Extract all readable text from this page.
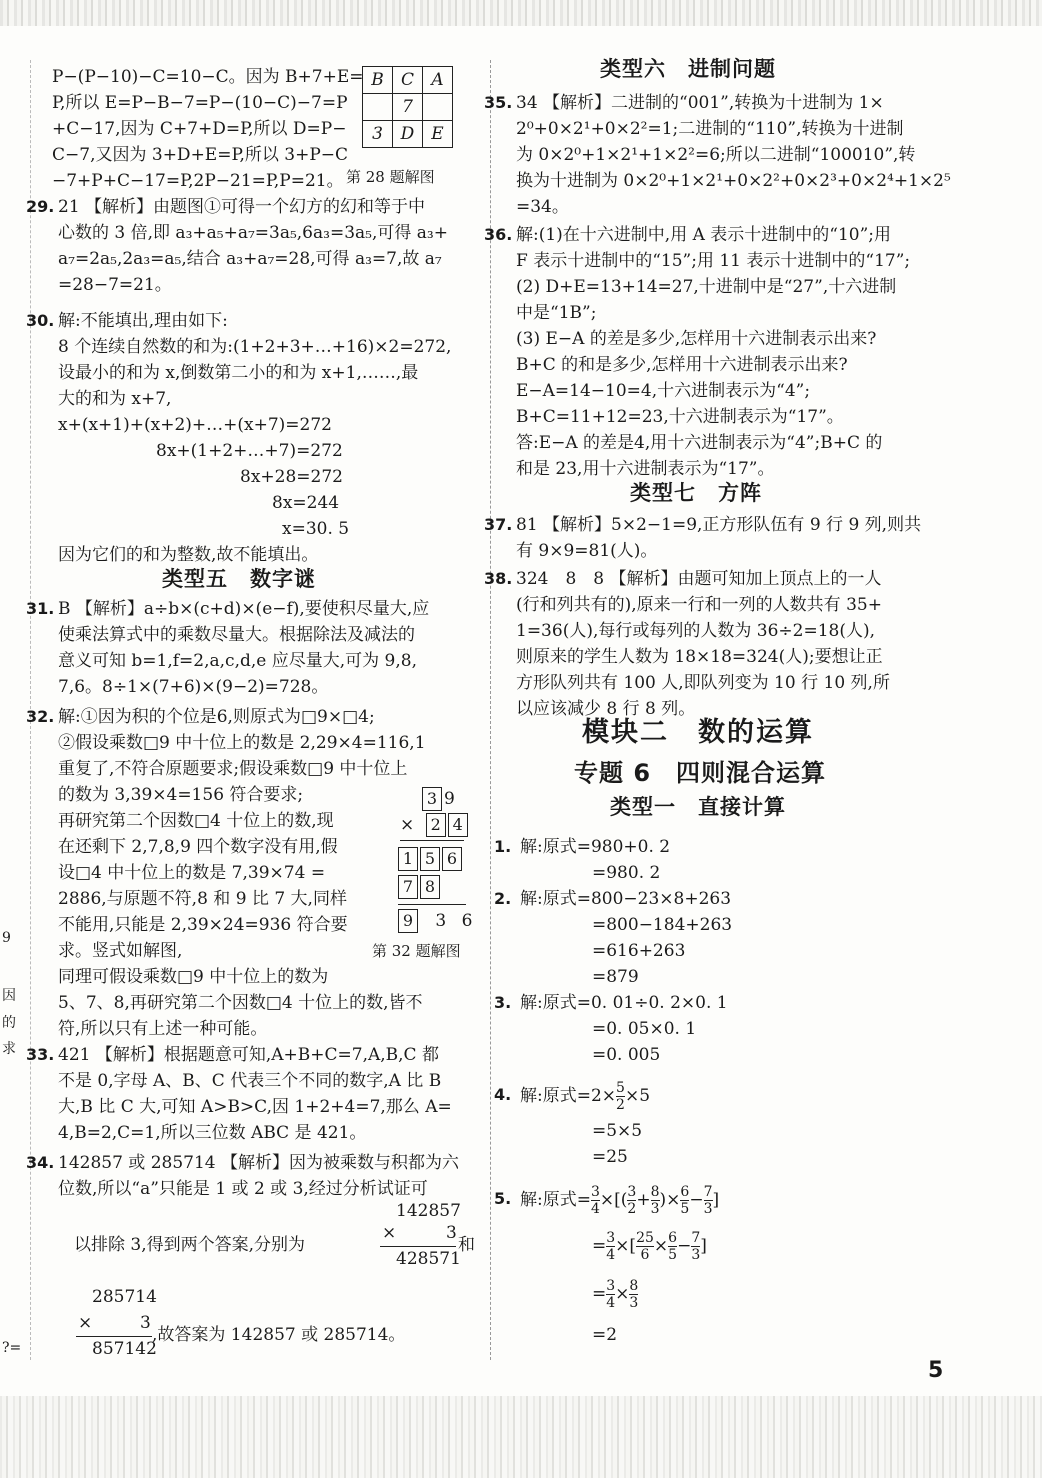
9
因
的
求
?=
P−(P−10)−C=10−C。因为 B+7+E=
P,所以 E=P−B−7=P−(10−C)−7=P
+C−17,因为 C+7+D=P,所以 D=P−
C−7,又因为 3+D+E=P,所以 3+P−C
−7+P+C−17=P,2P−21=P,P=21。
B	C	A
	7	
3	D	E
第 28 题解图
29. 21 【解析】由题图①可得一个幻方的幻和等于中
心数的 3 倍,即 a₃+a₅+a₇=3a₅,6a₃=3a₅,可得 a₃+
a₇=2a₅,2a₃=a₅,结合 a₃+a₇=28,可得 a₃=7,故 a₇
=28−7=21。
30. 解:不能填出,理由如下:
8 个连续自然数的和为:(1+2+3+…+16)×2=272,
设最小的和为 x,倒数第二小的和为 x+1,……,最
大的和为 x+7,
x+(x+1)+(x+2)+…+(x+7)=272
8x+(1+2+…+7)=272
8x+28=272
8x=244
x=30. 5
因为它们的和为整数,故不能填出。
类型五　数字谜
31. B 【解析】a÷b×(c+d)×(e−f),要使积尽量大,应
使乘法算式中的乘数尽量大。根据除法及减法的
意义可知 b=1,f=2,a,c,d,e 应尽量大,可为 9,8,
7,6。8÷1×(7+6)×(9−2)=728。
32. 解:①因为积的个位是6,则原式为□9×□4;
②假设乘数□9 中十位上的数是 2,29×4=116,1
重复了,不符合原题要求;假设乘数□9 中十位上
的数为 3,39×4=156 符合要求;
再研究第二个因数□4 十位上的数,现
在还剩下 2,7,8,9 四个数字没有用,假
设□4 中十位上的数是 7,39×74 =
2886,与原题不符,8 和 9 比 7 大,同样
不能用,只能是 2,39×24=936 符合要
求。竖式如解图,
同理可假设乘数□9 中十位上的数为
5、7、8,再研究第二个因数□4 十位上的数,皆不
符,所以只有上述一种可能。
3 9
× 2 4
1 5 6
7 8
9 3 6
第 32 题解图
33. 421 【解析】根据题意可知,A+B+C=7,A,B,C 都
不是 0,字母 A、B、C 代表三个不同的数字,A 比 B
大,B 比 C 大,可知 A>B>C,因 1+2+4=7,那么 A=
4,B=2,C=1,所以三位数 ABC 是 421。
34. 142857 或 285714 【解析】因为被乘数与积都为六
位数,所以“a”只能是 1 或 2 或 3,经过分析试证可
142857
×	3
428571
以排除 3,得到两个答案,分别为	和
285714
×	3
857142
,故答案为 142857 或 285714。
类型六　进制问题
35. 34 【解析】二进制的“001”,转换为十进制为 1×
2⁰+0×2¹+0×2²=1;二进制的“110”,转换为十进制
为 0×2⁰+1×2¹+1×2²=6;所以二进制“100010”,转
换为十进制为 0×2⁰+1×2¹+0×2²+0×2³+0×2⁴+1×2⁵
=34。
36. 解:(1)在十六进制中,用 A 表示十进制中的“10”;用
F 表示十进制中的“15”;用 11 表示十进制中的“17”;
(2) D+E=13+14=27,十进制中是“27”,十六进制
中是“1B”;
(3) E−A 的差是多少,怎样用十六进制表示出来?
B+C 的和是多少,怎样用十六进制表示出来?
E−A=14−10=4,十六进制表示为“4”;
B+C=11+12=23,十六进制表示为“17”。
答:E−A 的差是4,用十六进制表示为“4”;B+C 的
和是 23,用十六进制表示为“17”。
类型七　方阵
37. 81 【解析】5×2−1=9,正方形队伍有 9 行 9 列,则共
有 9×9=81(人)。
38. 324　8　8 【解析】由题可知加上顶点上的一人
(行和列共有的),原来一行和一列的人数共有 35+
1=36(人),每行或每列的人数为 36÷2=18(人),
则原来的学生人数为 18×18=324(人);要想让正
方形队列共有 100 人,即队列变为 10 行 10 列,所
以应该减少 8 行 8 列。
模块二　数的运算
专题 6　四则混合运算
类型一　直接计算
1. 解:原式=980+0. 2
=980. 2
2. 解:原式=800−23×8+263
=800−184+263
=616+263
=879
3. 解:原式=0. 01÷0. 2×0. 1
=0. 05×0. 1
=0. 005
4. 解:原式$=2\times \frac{5}{2} \times 5$
=5×5
=25
5. 解:原式= $\frac{3}{4}$ ×[( $\frac{3}{2} + \frac{8}{3}$ )× $\frac{6}{5} - \frac{7}{3}$ ]
= $\frac{3}{4}$ ×[ $\frac{25}{6} \times \frac{6}{5} - \frac{7}{3}$ ]
= $\frac{3}{4} \times \frac{8}{3}$
=2
5
